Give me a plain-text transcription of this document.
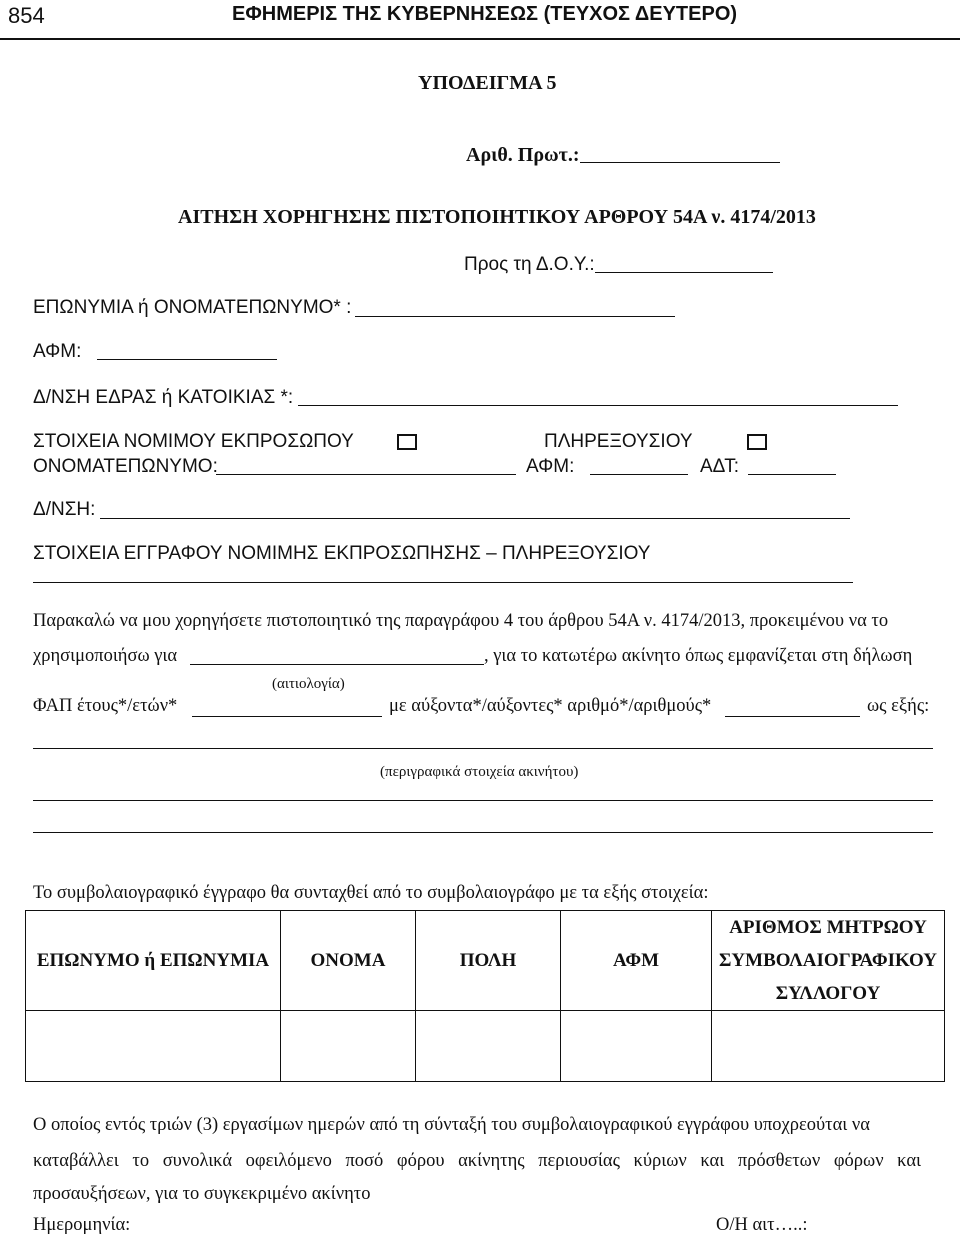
854	ΕΦΗΜΕΡΙΣ ΤΗΣ ΚΥΒΕΡΝΗΣΕΩΣ (ΤΕΥΧΟΣ ΔΕΥΤΕΡΟ)
ΥΠΟΔΕΙΓΜΑ 5
Αριθ. Πρωτ.:
ΑΙΤΗΣΗ ΧΟΡΗΓΗΣΗΣ ΠΙΣΤΟΠΟΙΗΤΙΚΟΥ ΑΡΘΡΟΥ 54Α ν. 4174/2013
Προς τη Δ.Ο.Υ.:
ΕΠΩΝΥΜΙΑ ή ΟΝΟΜΑΤΕΠΩΝΥΜΟ* :
ΑΦΜ:
Δ/ΝΣΗ ΕΔΡΑΣ ή ΚΑΤΟΙΚΙΑΣ *:
ΣΤΟΙΧΕΙΑ ΝΟΜΙΜΟΥ ΕΚΠΡΟΣΩΠΟΥ	ΠΛΗΡΕΞΟΥΣΙΟΥ
ΟΝΟΜΑΤΕΠΩΝΥΜΟ:	ΑΦΜ:	ΑΔΤ:
Δ/ΝΣΗ:
ΣΤΟΙΧΕΙΑ ΕΓΓΡΑΦΟΥ ΝΟΜΙΜΗΣ ΕΚΠΡΟΣΩΠΗΣΗΣ – ΠΛΗΡΕΞΟΥΣΙΟΥ
Παρακαλώ να μου χορηγήσετε πιστοποιητικό της παραγράφου 4 του άρθρου 54Α ν. 4174/2013, προκειμένου να το
χρησιμοποιήσω για	, για το κατωτέρω ακίνητο όπως εμφανίζεται στη δήλωση
(αιτιολογία)
ΦΑΠ έτους*/ετών*	με αύξοντα*/αύξοντες* αριθμό*/αριθμούς*	ως εξής:
(περιγραφικά στοιχεία ακινήτου)
Το συμβολαιογραφικό έγγραφο θα συνταχθεί από το συμβολαιογράφο με τα εξής στοιχεία:
ΕΠΩΝΥΜΟ ή ΕΠΩΝΥΜΙΑ	ΟΝΟΜΑ	ΠΟΛΗ	ΑΦΜ	ΑΡΙΘΜΟΣ ΜΗΤΡΩΟΥ
ΣΥΜΒΟΛΑΙΟΓΡΑΦΙΚΟΥ
ΣΥΛΛΟΓΟΥ

Ο οποίος εντός τριών (3) εργασίμων ημερών από τη σύνταξή του συμβολαιογραφικού εγγράφου υποχρεούται να
καταβάλλει το συνολικά οφειλόμενο ποσό φόρου ακίνητης περιουσίας κύριων και πρόσθετων φόρων και
προσαυξήσεων, για το συγκεκριμένο ακίνητο
Ημερομηνία:	Ο/Η αιτ…..:
